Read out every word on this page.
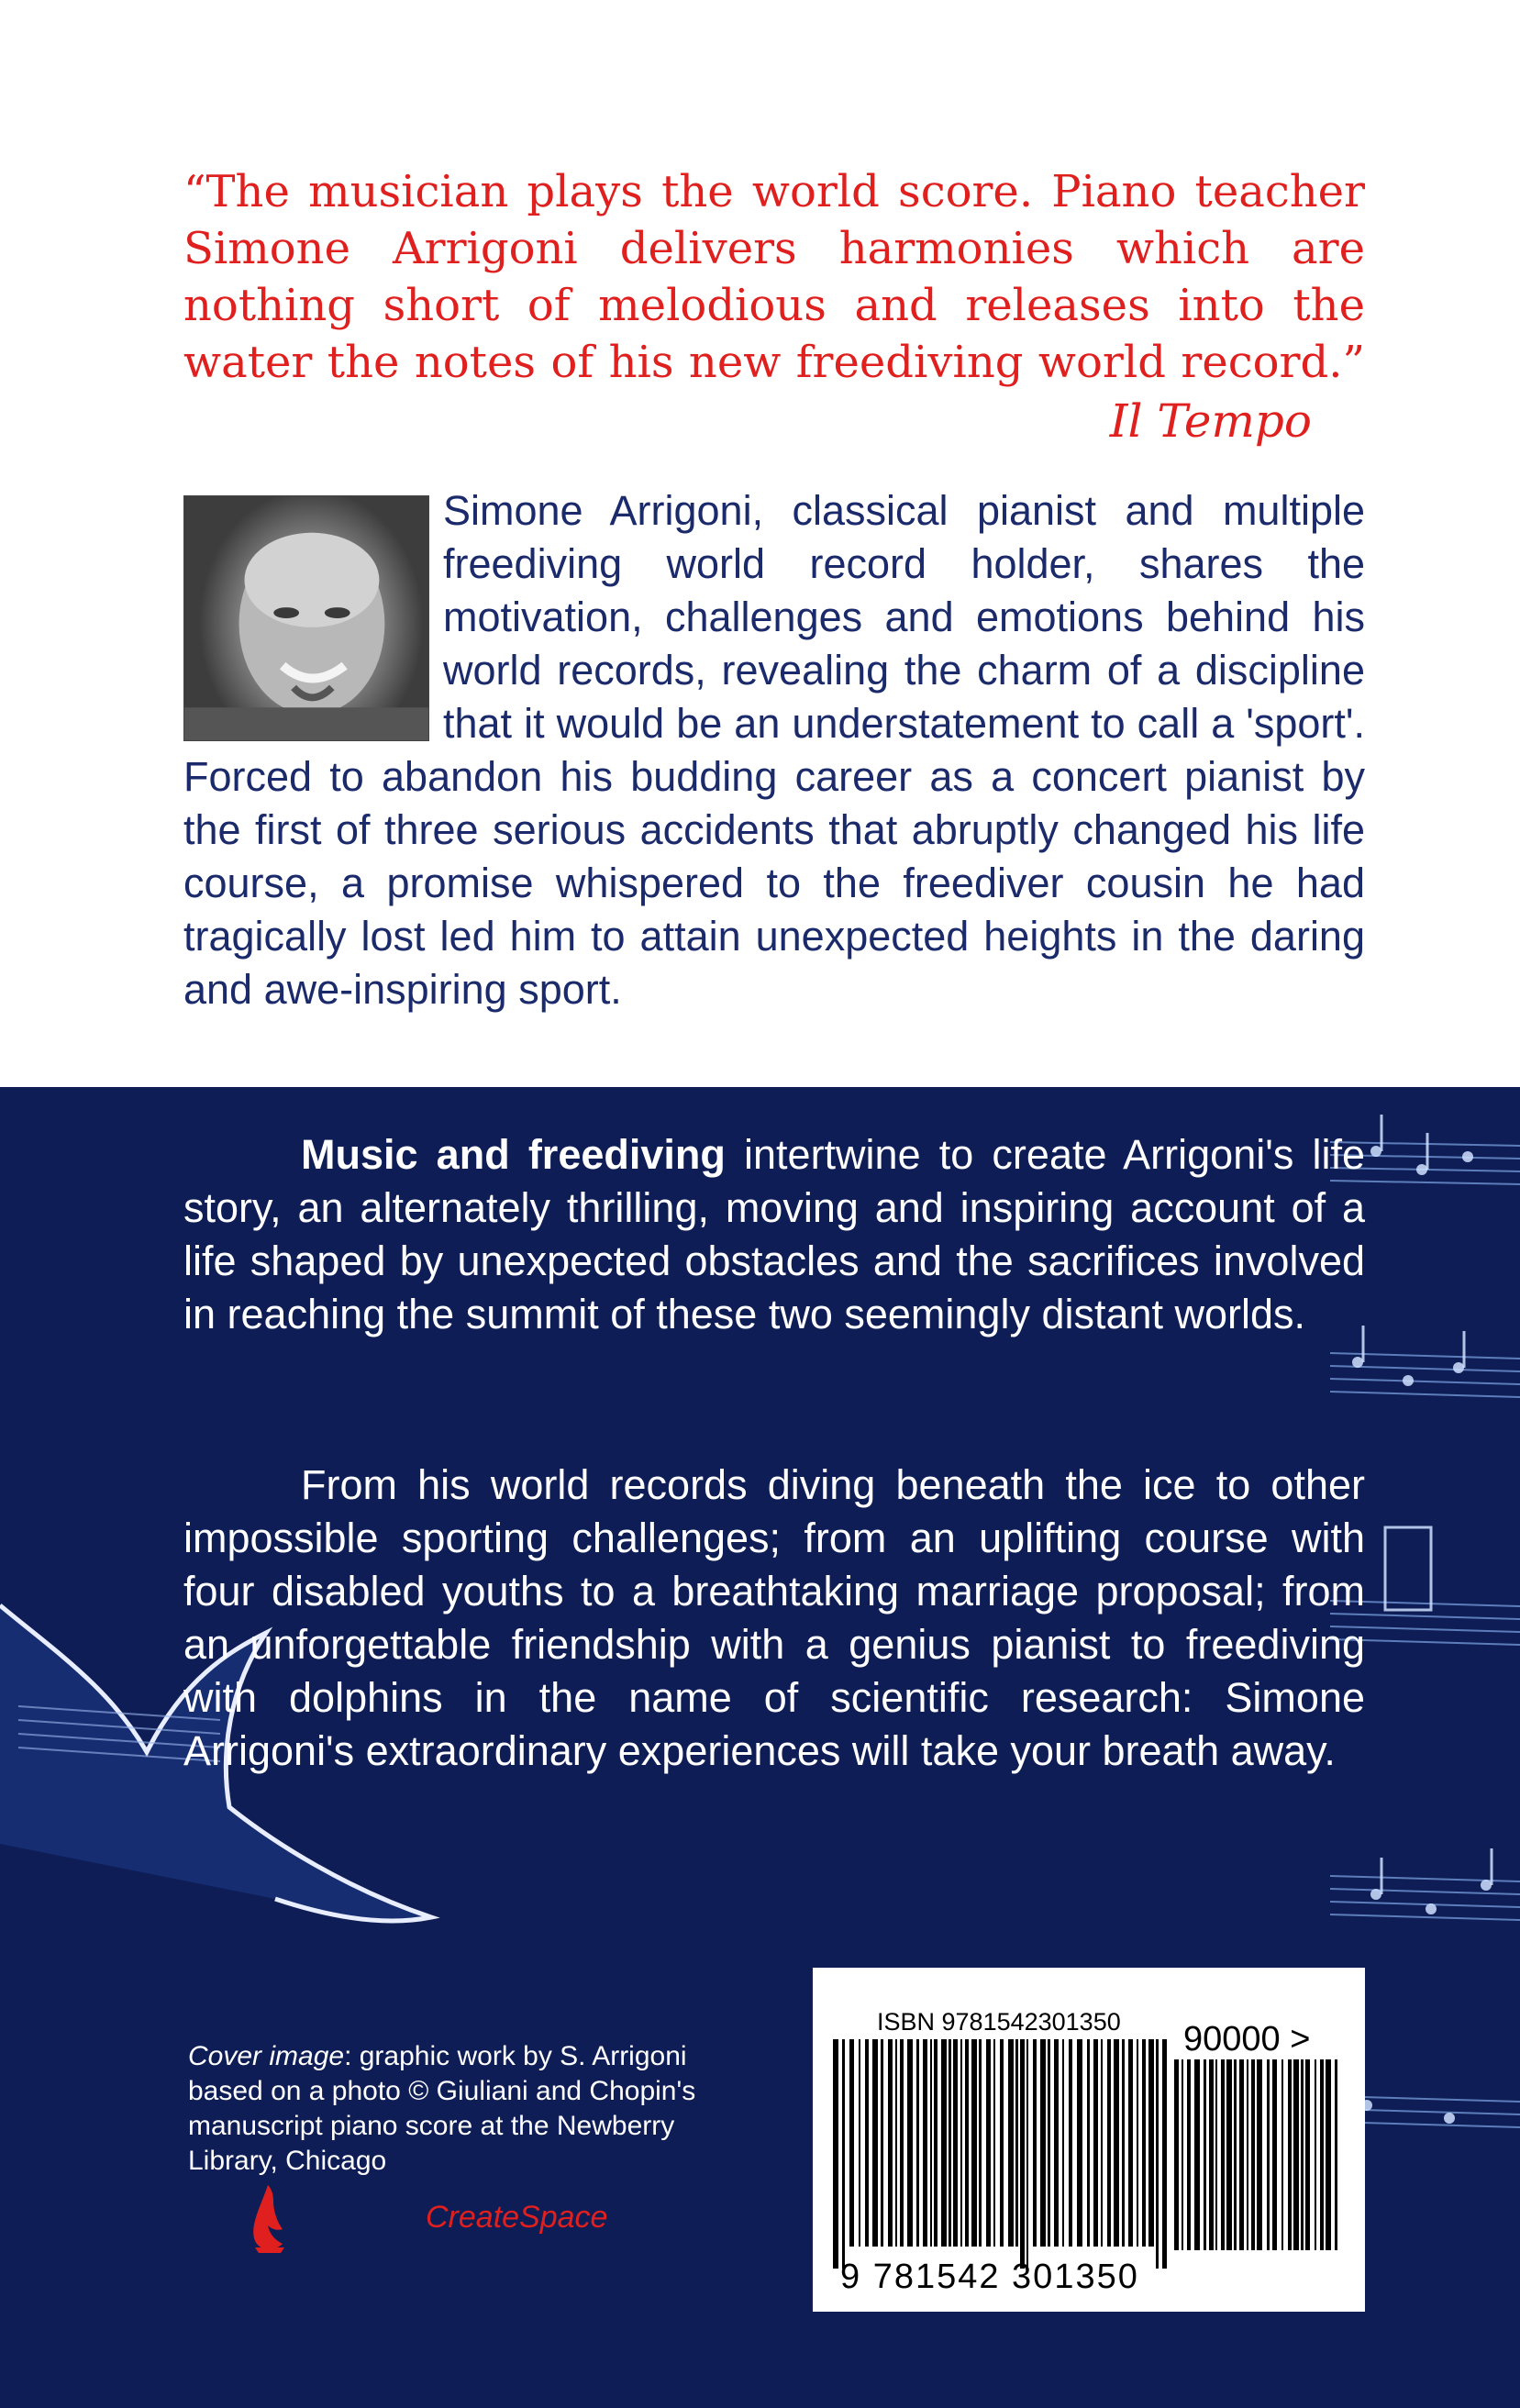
“The musician plays the world score. Piano teacher Simone Arrigoni delivers harmonies which are nothing short of melodious and releases into the water the notes of his new freediving world record.”

Il Tempo

Simone Arrigoni, classical pianist and multiple freediving world record holder, shares the motivation, challenges and emotions behind his world records, revealing the charm of a discipline that it would be an understatement to call a 'sport'. Forced to abandon his budding career as a concert pianist by the first of three serious accidents that abruptly changed his life course, a promise whispered to the freediver cousin he had tragically lost led him to attain unexpected heights in the daring and awe-inspiring sport.

Music and freediving intertwine to create Arrigoni's life story, an alternately thrilling, moving and inspiring account of a life shaped by unexpected obstacles and the sacrifices involved in reaching the summit of these two seemingly distant worlds.

From his world records diving beneath the ice to other impossible sporting challenges; from an uplifting course with four disabled youths to a breathtaking marriage proposal; from an unforgettable friendship with a genius pianist to freediving with dolphins in the name of scientific research: Simone Arrigoni's extraordinary experiences will take your breath away.

Cover image: graphic work by S. Arrigoni based on a photo © Giuliani and Chopin's manuscript piano score at the Newberry Library, Chicago

CreateSpace
ISBN 9781542301350 90000 >
9 781542 301350
